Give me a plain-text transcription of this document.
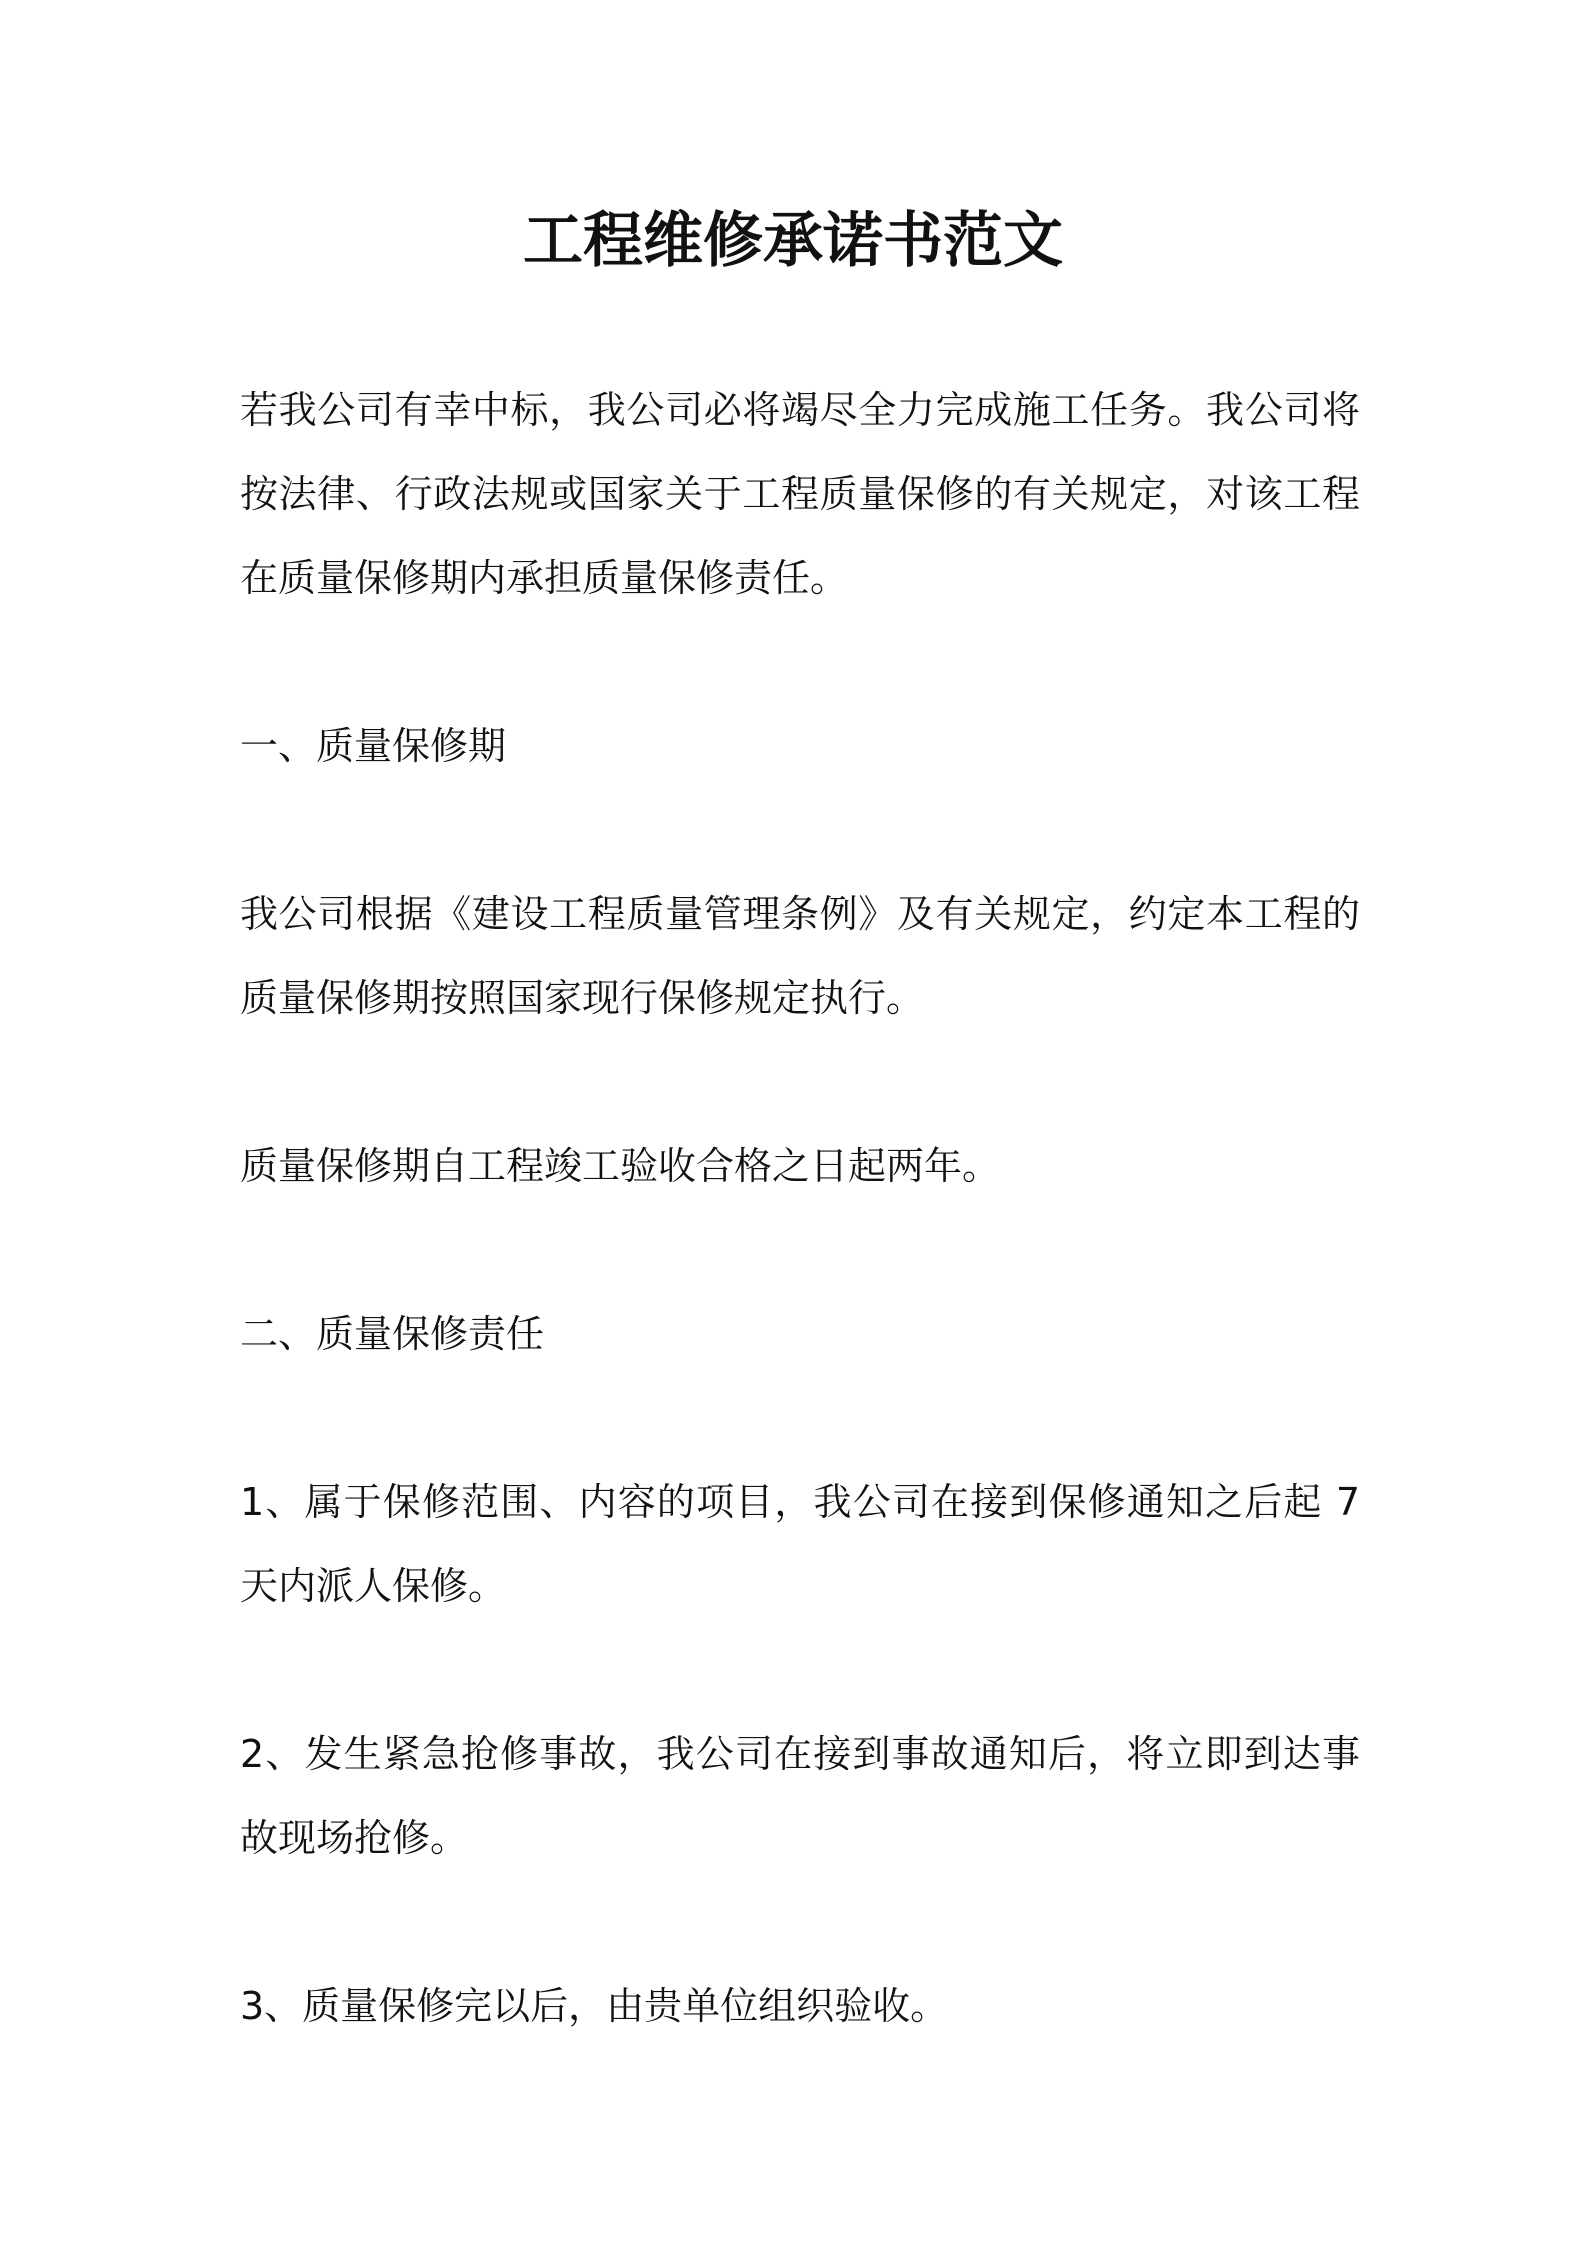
工程维修承诺书范文

若我公司有幸中标，我公司必将竭尽全力完成施工任务。我公司将按法律、行政法规或国家关于工程质量保修的有关规定，对该工程在质量保修期内承担质量保修责任。

一、质量保修期

我公司根据《建设工程质量管理条例》及有关规定，约定本工程的质量保修期按照国家现行保修规定执行。

质量保修期自工程竣工验收合格之日起两年。

二、质量保修责任

1、属于保修范围、内容的项目，我公司在接到保修通知之后起 7 天内派人保修。

2、发生紧急抢修事故，我公司在接到事故通知后，将立即到达事故现场抢修。

3、质量保修完以后，由贵单位组织验收。
